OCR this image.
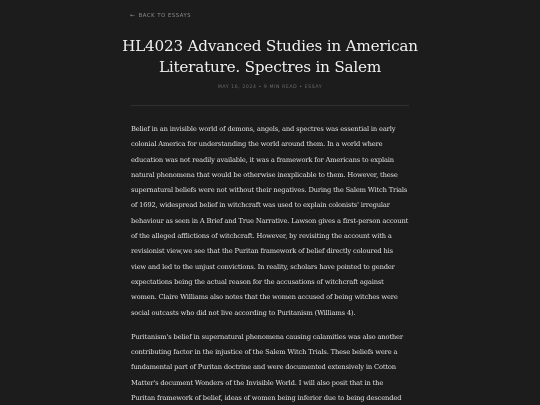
← BACK TO ESSAYS
HL4023 Advanced Studies in American Literature. Spectres in Salem
MAY 16, 2024 • 9 MIN READ • ESSAY

Belief in an invisible world of demons, angels, and spectres was essential in early colonial America for understanding the world around them. In a world where education was not readily available, it was a framework for Americans to explain natural phenomena that would be otherwise inexplicable to them. However, these supernatural beliefs were not without their negatives. During the Salem Witch Trials of 1692, widespread belief in witchcraft was used to explain colonists' irregular behaviour as seen in A Brief and True Narrative. Lawson gives a first-person account of the alleged afflictions of witchcraft. However, by revisiting the account with a revisionist view,we see that the Puritan framework of belief directly coloured his view and led to the unjust convictions. In reality, scholars have pointed to gender expectations being the actual reason for the accusations of witchcraft against women. Claire Williams also notes that the women accused of being witches were social outcasts who did not live according to Puritanism (Williams 4).

Puritanism's belief in supernatural phenomena causing calamities was also another contributing factor in the injustice of the Salem Witch Trials. These beliefs were a fundamental part of Puritan doctrine and were documented extensively in Cotton Matter's document Wonders of the Invisible World. I will also posit that in the Puritan framework of belief, ideas of women being inferior due to being descended
